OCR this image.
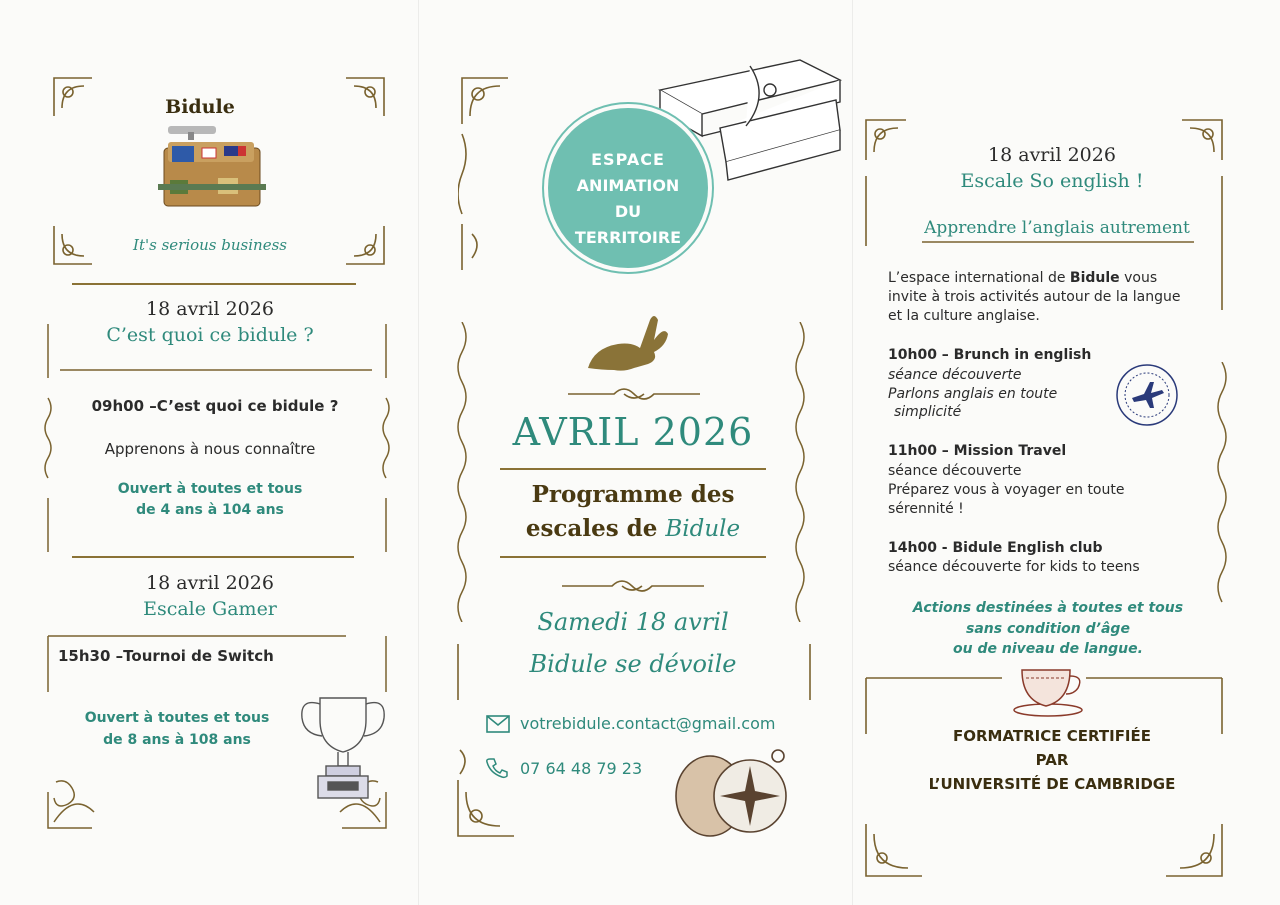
Bidule
It's serious business
18 avril 2026
C’est quoi ce bidule ?
09h00 –C’est quoi ce bidule ?
Apprenons à nous connaître
Ouvert à toutes et tous
de 4 ans à 104 ans
18 avril 2026
Escale Gamer
15h30 –Tournoi de Switch
Ouvert à toutes et tous
de 8 ans à 108 ans
ESPACE
ANIMATION
DU
TERRITOIRE
AVRIL 2026
Programme des
escales de Bidule
Samedi 18 avril
Bidule se dévoile
votrebidule.contact@gmail.com
07 64 48 79 23
18 avril 2026
Escale So english !
Apprendre l’anglais autrement
L’espace international de Bidule vous
invite à trois activités autour de la langue
et la culture anglaise.
10h00 – Brunch in english
séance découverte
Parlons anglais en toute
simplicité
11h00 – Mission Travel
séance découverte
Préparez vous à voyager en toute
sérennité !
14h00 - Bidule English club
séance découverte for kids to teens
Actions destinées à toutes et tous
sans condition d’âge
ou de niveau de langue.
FORMATRICE CERTIFIÉE
PAR
L’UNIVERSITÉ DE CAMBRIDGE
